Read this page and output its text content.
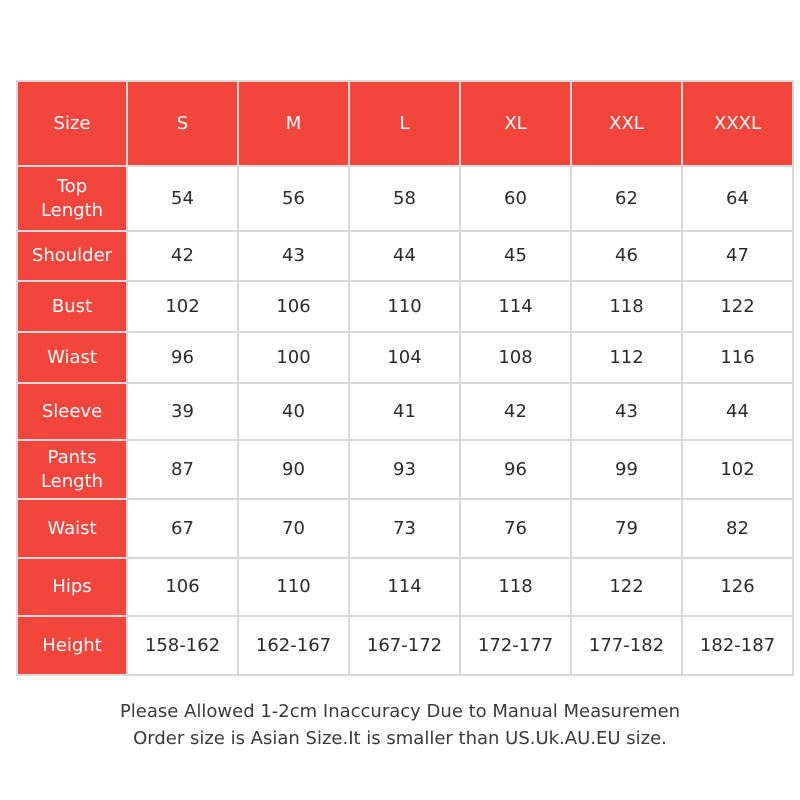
Size	S	M	L	XL	XXL	XXXL
Top
Length	54	56	58	60	62	64
Shoulder	42	43	44	45	46	47
Bust	102	106	110	114	118	122
Wiast	96	100	104	108	112	116
Sleeve	39	40	41	42	43	44
Pants
Length	87	90	93	96	99	102
Waist	67	70	73	76	79	82
Hips	106	110	114	118	122	126
Height	158-162	162-167	167-172	172-177	177-182	182-187
Please Allowed 1-2cm Inaccuracy Due to Manual Measuremen
Order size is Asian Size.It is smaller than US.Uk.AU.EU size.
